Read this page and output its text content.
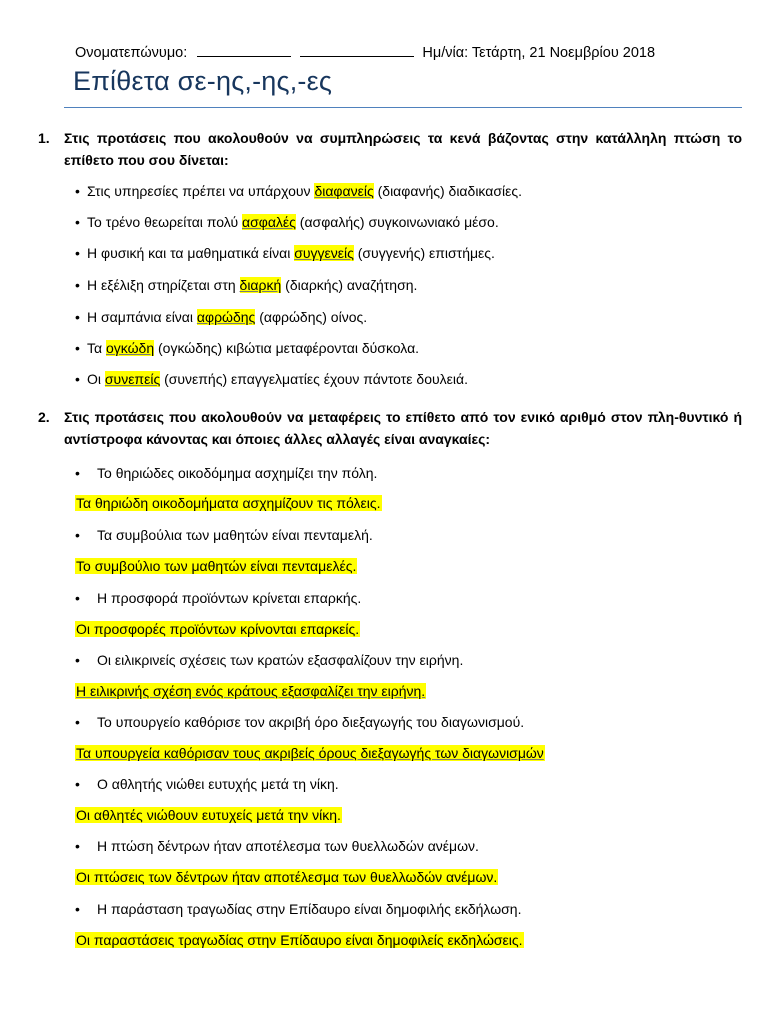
Ονοματεπώνυμο:	Ημ/νία: Τετάρτη, 21 Νοεμβρίου 2018
Επίθετα σε-ης,-ης,-ες
1.	Στις προτάσεις που ακολουθούν να συμπληρώσεις τα κενά βάζοντας στην κατάλληλη πτώση το επίθετο που σου δίνεται:
• Στις υπηρεσίες πρέπει να υπάρχουν διαφανείς (διαφανής) διαδικασίες.
• Το τρένο θεωρείται πολύ ασφαλές (ασφαλής) συγκοινωνιακό μέσο.
• Η φυσική και τα μαθηματικά είναι συγγενείς (συγγενής) επιστήμες.
• Η εξέλιξη στηρίζεται στη διαρκή (διαρκής) αναζήτηση.
• Η σαμπάνια είναι αφρώδης (αφρώδης) οίνος.
• Τα ογκώδη (ογκώδης) κιβώτια μεταφέρονται δύσκολα.
• Οι συνεπείς (συνεπής) επαγγελματίες έχουν πάντοτε δουλειά.
2.	Στις προτάσεις που ακολουθούν να μεταφέρεις το επίθετο από τον ενικό αριθμό στον πλη-θυντικό ή αντίστροφα κάνοντας και όποιες άλλες αλλαγές είναι αναγκαίες:
• Το θηριώδες οικοδόμημα ασχημίζει την πόλη.
Τα θηριώδη οικοδομήματα ασχημίζουν τις πόλεις.
• Τα συμβούλια των μαθητών είναι πενταμελή.
Το συμβούλιο των μαθητών είναι πενταμελές.
• Η προσφορά προϊόντων κρίνεται επαρκής.
Οι προσφορές προϊόντων κρίνονται επαρκείς.
• Οι ειλικρινείς σχέσεις των κρατών εξασφαλίζουν την ειρήνη.
Η ειλικρινής σχέση ενός κράτους εξασφαλίζει την ειρήνη.
• Το υπουργείο καθόρισε τον ακριβή όρο διεξαγωγής του διαγωνισμού.
Τα υπουργεία καθόρισαν τους ακριβείς όρους διεξαγωγής των διαγωνισμών
• Ο αθλητής νιώθει ευτυχής μετά τη νίκη.
Οι αθλητές νιώθουν ευτυχείς μετά την νίκη.
• Η πτώση δέντρων ήταν αποτέλεσμα των θυελλωδών ανέμων.
Οι πτώσεις των δέντρων ήταν αποτέλεσμα των θυελλωδών ανέμων.
• Η παράσταση τραγωδίας στην Επίδαυρο είναι δημοφιλής εκδήλωση.
Οι παραστάσεις τραγωδίας στην Επίδαυρο είναι δημοφιλείς εκδηλώσεις.
